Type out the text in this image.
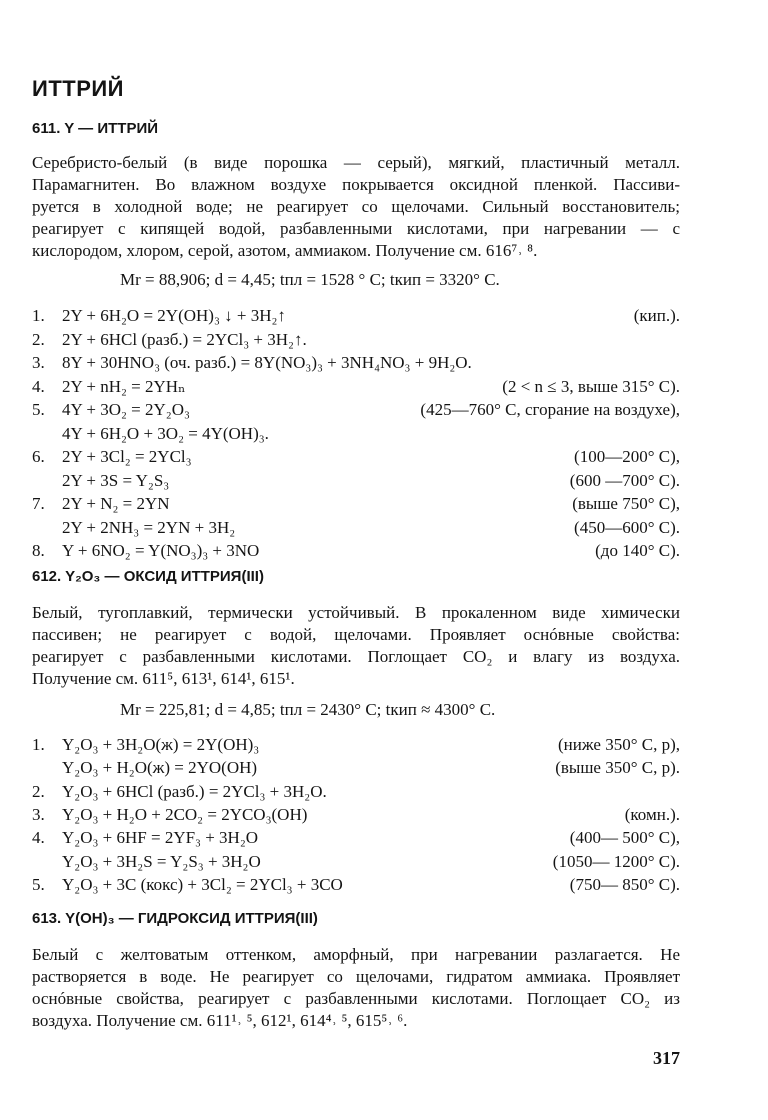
ИТТРИЙ
611. Y — ИТТРИЙ
Серебристо-белый (в виде порошка — серый), мягкий, пластичный металл.
Парамагнитен. Во влажном воздухе покрывается оксидной пленкой. Пассиви-
руется в холодной воде; не реагирует со щелочами. Сильный восстановитель;
реагирует с кипящей водой, разбавленными кислотами, при нагревании — с
кислородом, хлором, серой, азотом, аммиаком. Получение см. 616⁷˒ ⁸.
Mr = 88,906; d = 4,45; tпл = 1528 ° C; tкип = 3320° C.
1. 2Y + 6H₂O = 2Y(OH)₃ ↓ + 3H₂↑	(кип.).
2. 2Y + 6HCl (разб.) = 2YCl₃ + 3H₂↑.
3. 8Y + 30HNO₃ (оч. разб.) = 8Y(NO₃)₃ + 3NH₄NO₃ + 9H₂O.
4. 2Y + nH₂ = 2YHₙ	(2 < n ≤ 3, выше 315° C).
5. 4Y + 3O₂ = 2Y₂O₃	(425—760° C, сгорание на воздухе),
4Y + 6H₂O + 3O₂ = 4Y(OH)₃.
6. 2Y + 3Cl₂ = 2YCl₃	(100—200° C),
2Y + 3S = Y₂S₃	(600 —700° C).
7. 2Y + N₂ = 2YN	(выше 750° C),
2Y + 2NH₃ = 2YN + 3H₂	(450—600° C).
8. Y + 6NO₂ = Y(NO₃)₃ + 3NO	(до 140° C).
612. Y₂O₃ — ОКСИД ИТТРИЯ(III)
Белый, тугоплавкий, термически устойчивый. В прокаленном виде химически
пассивен; не реагирует с водой, щелочами. Проявляет оснóвные свойства:
реагирует с разбавленными кислотами. Поглощает CO₂ и влагу из воздуха.
Получение см. 611⁵, 613¹, 614¹, 615¹.
Mr = 225,81; d = 4,85; tпл = 2430° C; tкип ≈ 4300° C.
1. Y₂O₃ + 3H₂O(ж) = 2Y(OH)₃	(ниже 350° C, p),
Y₂O₃ + H₂O(ж) = 2YO(OH)	(выше 350° C, p).
2. Y₂O₃ + 6HCl (разб.) = 2YCl₃ + 3H₂O.
3. Y₂O₃ + H₂O + 2CO₂ = 2YCO₃(OH)	(комн.).
4. Y₂O₃ + 6HF = 2YF₃ + 3H₂O	(400— 500° C),
Y₂O₃ + 3H₂S = Y₂S₃ + 3H₂O	(1050— 1200° C).
5. Y₂O₃ + 3C (кокс) + 3Cl₂ = 2YCl₃ + 3CO	(750— 850° C).
613. Y(OH)₃ — ГИДРОКСИД ИТТРИЯ(III)
Белый с желтоватым оттенком, аморфный, при нагревании разлагается. Не
растворяется в воде. Не реагирует со щелочами, гидратом аммиака. Проявляет
оснóвные свойства, реагирует с разбавленными кислотами. Поглощает CO₂ из
воздуха. Получение см. 611¹˒ ⁵, 612¹, 614⁴˒ ⁵, 615⁵˒ ⁶.
317
